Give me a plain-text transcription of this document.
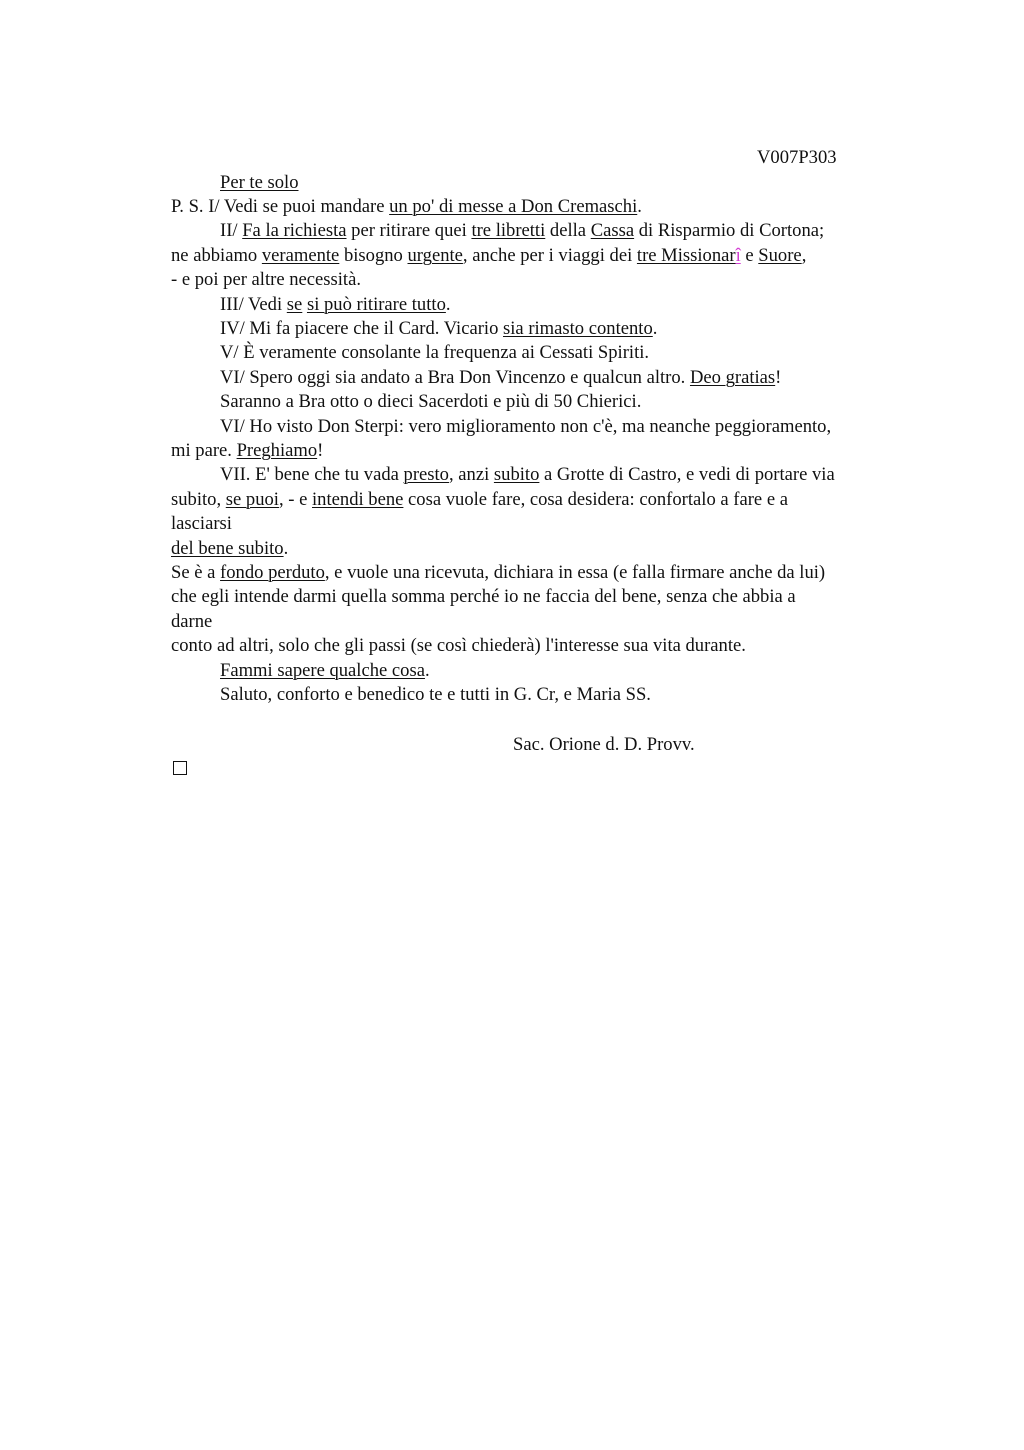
V007P303
Per te solo
P. S. I/ Vedi se puoi mandare un po' di messe a Don Cremaschi.
II/ Fa la richiesta per ritirare quei tre libretti della Cassa di Risparmio di Cortona;
ne abbiamo veramente bisogno urgente, anche per i viaggi dei tre Missionarî e Suore,
- e poi per altre necessità.
III/ Vedi se si può ritirare tutto.
IV/ Mi fa piacere che il Card. Vicario sia rimasto contento.
V/ È veramente consolante la frequenza ai Cessati Spiriti.
VI/ Spero oggi sia andato a Bra Don Vincenzo e qualcun altro. Deo gratias!
Saranno a Bra otto o dieci Sacerdoti e più di 50 Chierici.
VI/ Ho visto Don Sterpi: vero miglioramento non c'è, ma neanche peggioramento,
mi pare. Preghiamo!
VII. E' bene che tu vada presto, anzi subito a Grotte di Castro, e vedi di portare via
subito, se puoi, - e intendi bene cosa vuole fare, cosa desidera: confortalo a fare e a
lasciarsi
del bene subito.
Se è a fondo perduto, e vuole una ricevuta, dichiara in essa (e falla firmare anche da lui)
che egli intende darmi quella somma perché io ne faccia del bene, senza che abbia a
darne
conto ad altri, solo che gli passi (se così chiederà) l'interesse sua vita durante.
Fammi sapere qualche cosa.
Saluto, conforto e benedico te e tutti in G. Cr, e Maria SS.
Sac. Orione d. D. Provv.
